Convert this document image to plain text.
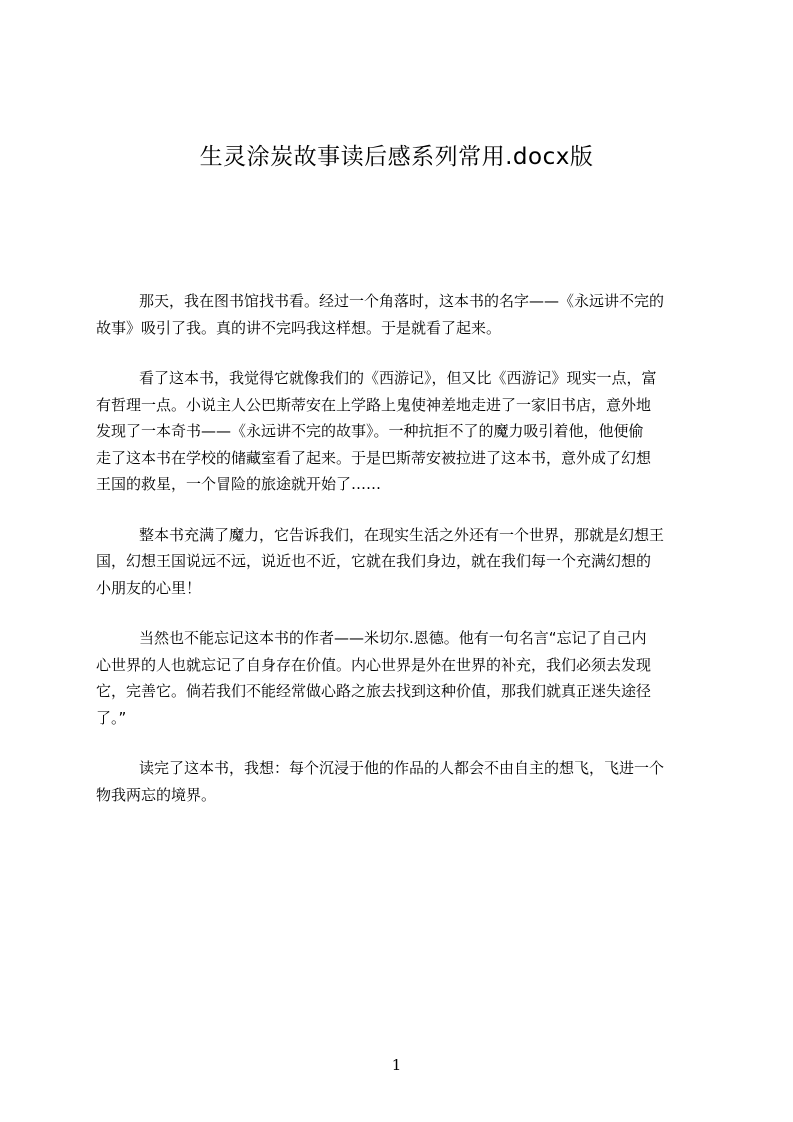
生灵涂炭故事读后感系列常用.docx版

那天，我在图书馆找书看。经过一个角落时，这本书的名字——《永远讲不完的
故事》吸引了我。真的讲不完吗我这样想。于是就看了起来。

看了这本书，我觉得它就像我们的《西游记》，但又比《西游记》现实一点，富
有哲理一点。小说主人公巴斯蒂安在上学路上鬼使神差地走进了一家旧书店，意外地
发现了一本奇书——《永远讲不完的故事》。一种抗拒不了的魔力吸引着他，他便偷
走了这本书在学校的储藏室看了起来。于是巴斯蒂安被拉进了这本书，意外成了幻想
王国的救星，一个冒险的旅途就开始了……

整本书充满了魔力，它告诉我们，在现实生活之外还有一个世界，那就是幻想王
国，幻想王国说远不远，说近也不近，它就在我们身边，就在我们每一个充满幻想的
小朋友的心里！

当然也不能忘记这本书的作者——米切尔.恩德。他有一句名言“忘记了自己内
心世界的人也就忘记了自身存在价值。内心世界是外在世界的补充，我们必须去发现
它，完善它。倘若我们不能经常做心路之旅去找到这种价值，那我们就真正迷失途径
了。”

读完了这本书，我想：每个沉浸于他的作品的人都会不由自主的想飞，飞进一个
物我两忘的境界。

1
